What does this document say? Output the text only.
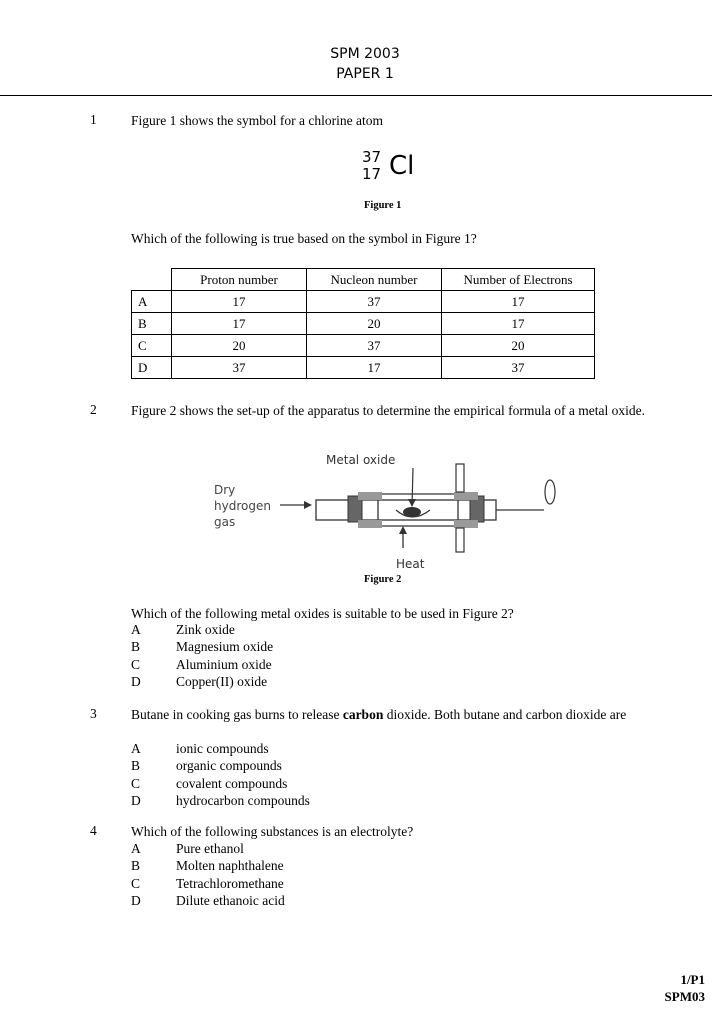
SPM 2003
PAPER 1
1	Figure 1 shows the symbol for a chlorine atom
37
17 Cl
Figure 1
Which of the following is true based on the symbol in Figure 1?
	Proton number	Nucleon number	Number of Electrons
A	17	37	17
B	17	20	17
C	20	37	20
D	37	17	37
2	Figure 2 shows the set-up of the apparatus to determine the empirical formula of a metal oxide.
Metal oxide
Dry
hydrogen
gas
Heat
Figure 2
Which of the following metal oxides is suitable to be used in Figure 2?
A	Zink oxide
B	Magnesium oxide
C	Aluminium oxide
D	Copper(II) oxide
3	Butane in cooking gas burns to release carbon dioxide. Both butane and carbon dioxide are
A	ionic compounds
B	organic compounds
C	covalent compounds
D	hydrocarbon compounds
4	Which of the following substances is an electrolyte?
A	Pure ethanol
B	Molten naphthalene
C	Tetrachloromethane
D	Dilute ethanoic acid
1/P1
SPM03
